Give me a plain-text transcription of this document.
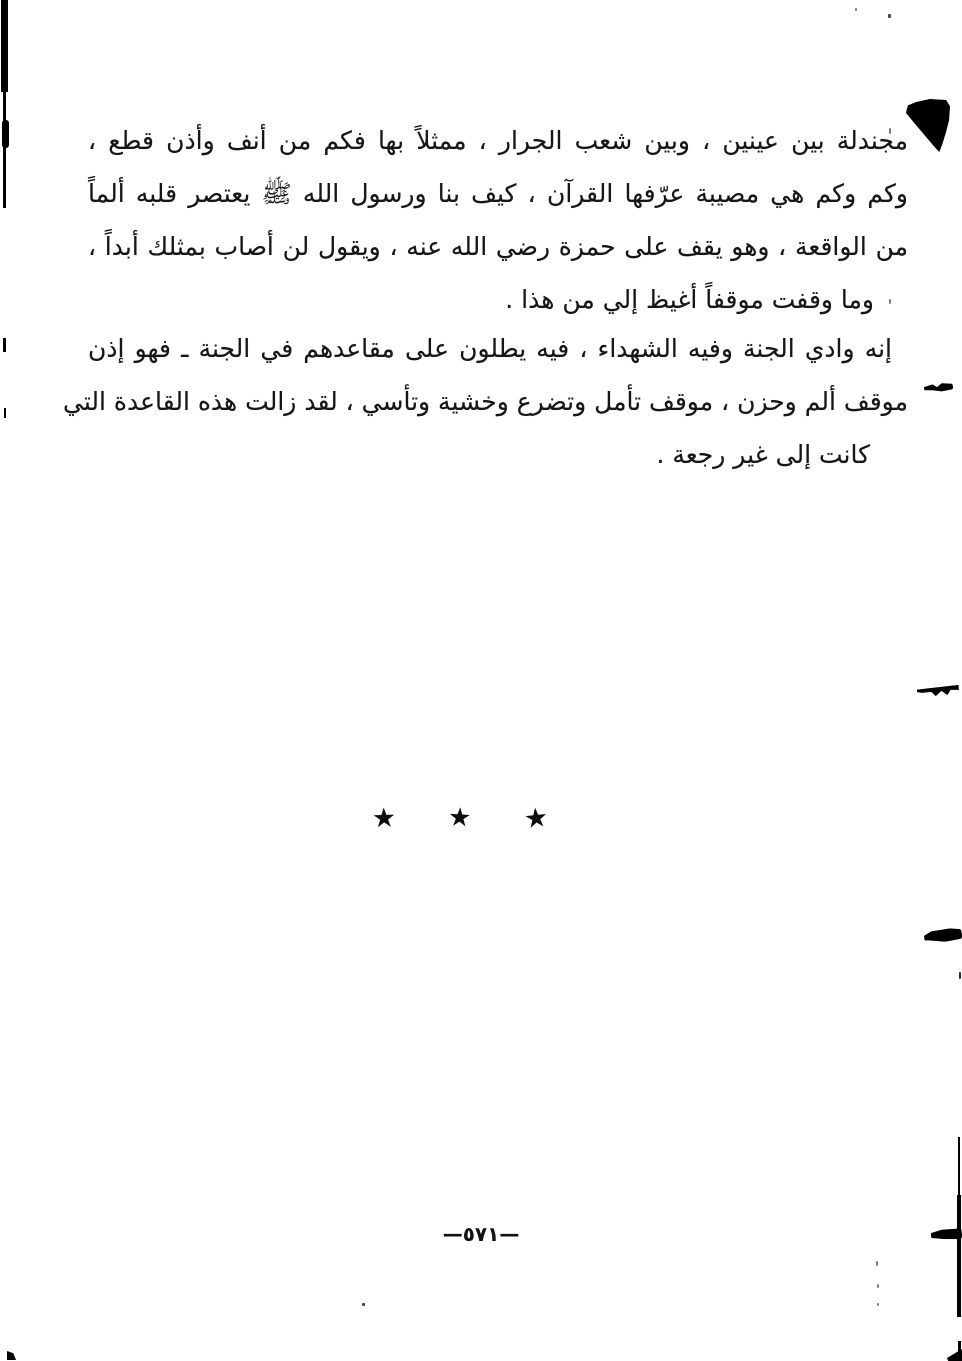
مجندلة بين عينين ، وبين شعب الجرار ، ممثلاً بها فكم من أنف وأذن قطع ،

وكم وكم هي مصيبة عرّفها القرآن ، كيف بنا ورسول الله ﷺ يعتصر قلبه ألماً

من الواقعة ، وهو يقف على حمزة رضي الله عنه ، ويقول لن أصاب بمثلك أبداً ،

وما وقفت موقفاً أغيظ إلي من هذا .

إنه وادي الجنة وفيه الشهداء ، فيه يطلون على مقاعدهم في الجنة ـ فهو إذن

موقف ألم وحزن ، موقف تأمل وتضرع وخشية وتأسي ، لقد زالت هذه القاعدة التي

كانت إلى غير رجعة .

★ ★ ★
—٥٧١—
